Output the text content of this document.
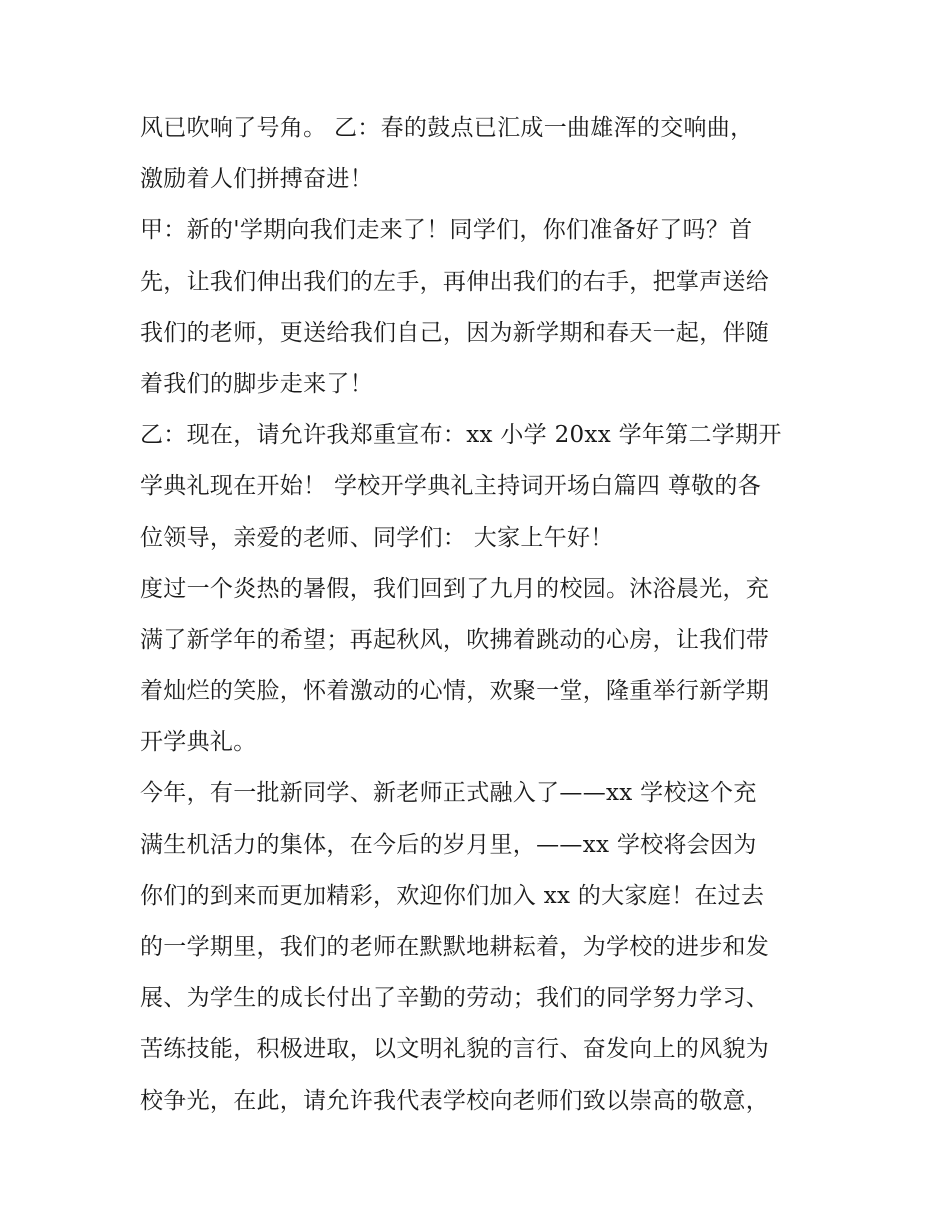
风已吹响了号角。 乙：春的鼓点已汇成一曲雄浑的交响曲，
激励着人们拼搏奋进！
甲：新的'学期向我们走来了！同学们，你们准备好了吗？首
先，让我们伸出我们的左手，再伸出我们的右手，把掌声送给
我们的老师，更送给我们自己，因为新学期和春天一起，伴随
着我们的脚步走来了！
乙：现在，请允许我郑重宣布：xx 小学 20xx 学年第二学期开
学典礼现在开始！ 学校开学典礼主持词开场白篇四 尊敬的各
位领导，亲爱的老师、同学们： 大家上午好！
度过一个炎热的暑假，我们回到了九月的校园。沐浴晨光，充
满了新学年的希望；再起秋风，吹拂着跳动的心房，让我们带
着灿烂的笑脸，怀着激动的心情，欢聚一堂，隆重举行新学期
开学典礼。
今年，有一批新同学、新老师正式融入了——xx 学校这个充
满生机活力的集体，在今后的岁月里，——xx 学校将会因为
你们的到来而更加精彩，欢迎你们加入 xx 的大家庭！在过去
的一学期里，我们的老师在默默地耕耘着，为学校的进步和发
展、为学生的成长付出了辛勤的劳动；我们的同学努力学习、
苦练技能，积极进取，以文明礼貌的言行、奋发向上的风貌为
校争光，在此，请允许我代表学校向老师们致以崇高的敬意，
